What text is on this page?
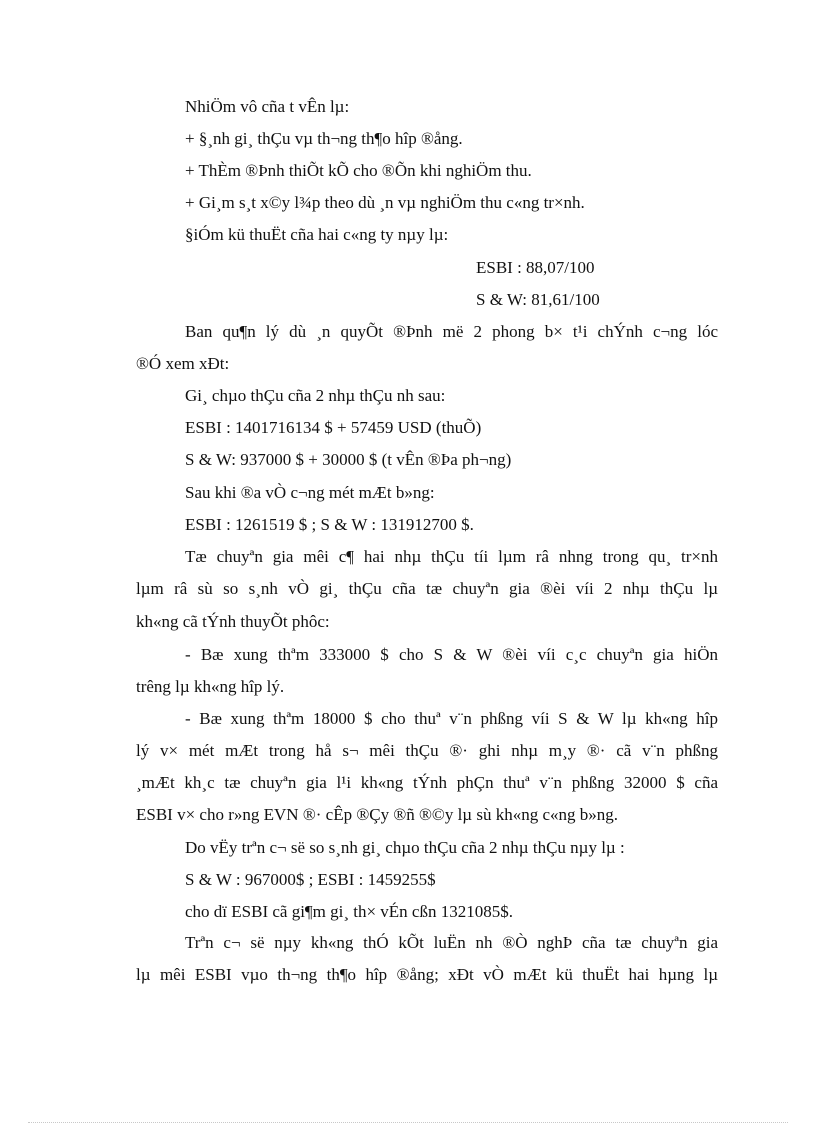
NhiÖm vô cña t vÊn lµ:
+ §¸nh gi¸ thÇu vµ th¬ng th¶o hîp ®ång.
+ ThÈm ®Þnh thiÕt kÕ cho ®Õn khi nghiÖm thu.
+ Gi¸m s¸t x©y l¾p theo dù ¸n vµ nghiÖm thu c«ng tr×nh.
§iÓm kü thuËt cña hai c«ng ty nµy lµ:
ESBI : 88,07/100
S & W: 81,61/100
Ban qu¶n lý dù ¸n quyÕt ®Þnh më 2 phong b× t¹i chÝnh c¬ng lóc
®Ó xem xÐt:
Gi¸ chµo thÇu cña 2 nhµ thÇu nh sau:
ESBI : 1401716134 $ + 57459 USD (thuÕ)
S & W: 937000 $ + 30000 $ (t vÊn ®Þa ph¬ng)
Sau khi ®a vÒ c¬ng mét mÆt b»ng:
ESBI : 1261519 $ ; S & W : 131912700 $.
Tæ chuyªn gia mêi c¶ hai nhµ thÇu tíi lµm râ nhng trong qu¸ tr×nh
lµm râ sù so s¸nh vÒ gi¸ thÇu cña tæ chuyªn gia ®èi víi 2 nhµ thÇu lµ
kh«ng cã tÝnh thuyÕt phôc:
- Bæ xung thªm 333000 $ cho S & W ®èi víi c¸c chuyªn gia hiÖn
trêng lµ kh«ng hîp lý.
- Bæ xung thªm 18000 $ cho thuª v¨n phßng víi S & W lµ kh«ng hîp
lý v× mét mÆt trong hå s¬ mêi thÇu ®· ghi nhµ m¸y ®· cã v¨n phßng
¸mÆt kh¸c tæ chuyªn gia l¹i kh«ng tÝnh phÇn thuª v¨n phßng 32000 $ cña
ESBI v× cho r»ng EVN ®· cÊp ®Çy ®ñ ®©y lµ sù kh«ng c«ng b»ng.
Do vËy trªn c¬ së so s¸nh gi¸ chµo thÇu cña 2 nhµ thÇu nµy lµ :
S & W : 967000$ ; ESBI : 1459255$
cho dï ESBI cã gi¶m gi¸ th× vÉn cßn 1321085$.
Trªn c¬ së nµy kh«ng thÓ kÕt luËn nh ®Ò nghÞ cña tæ chuyªn gia
lµ mêi ESBI vµo th¬ng th¶o hîp ®ång; xÐt vÒ mÆt kü thuËt hai hµng lµ
